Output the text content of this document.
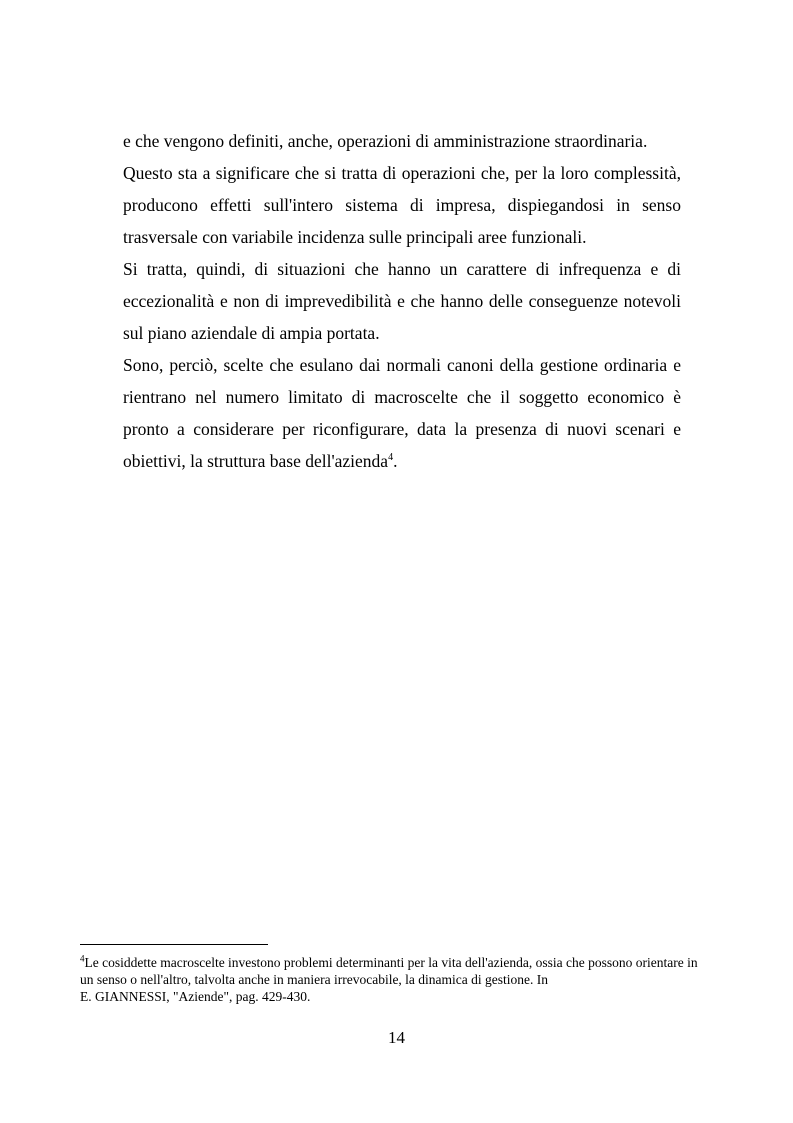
e che vengono definiti, anche, operazioni di amministrazione straordinaria.

Questo sta a significare che si tratta di operazioni che, per la loro complessità, producono effetti sull'intero sistema di impresa, dispiegandosi in senso trasversale con variabile incidenza sulle principali aree funzionali.

Si tratta, quindi, di situazioni che hanno un carattere di infrequenza e di eccezionalità e non di imprevedibilità e che hanno delle conseguenze notevoli sul piano aziendale di ampia portata.

Sono, perciò, scelte che esulano dai normali canoni della gestione ordinaria e rientrano nel numero limitato di macroscelte che il soggetto economico è pronto a considerare per riconfigurare, data la presenza di nuovi scenari e obiettivi, la struttura base dell'azienda$^4$.

$^4$Le cosiddette macroscelte investono problemi determinanti per la vita dell'azienda, ossia che possono orientare in un senso o nell'altro, talvolta anche in maniera irrevocabile, la dinamica di gestione. In

E. GIANNESSI, "Aziende", pag. 429-430.

14
